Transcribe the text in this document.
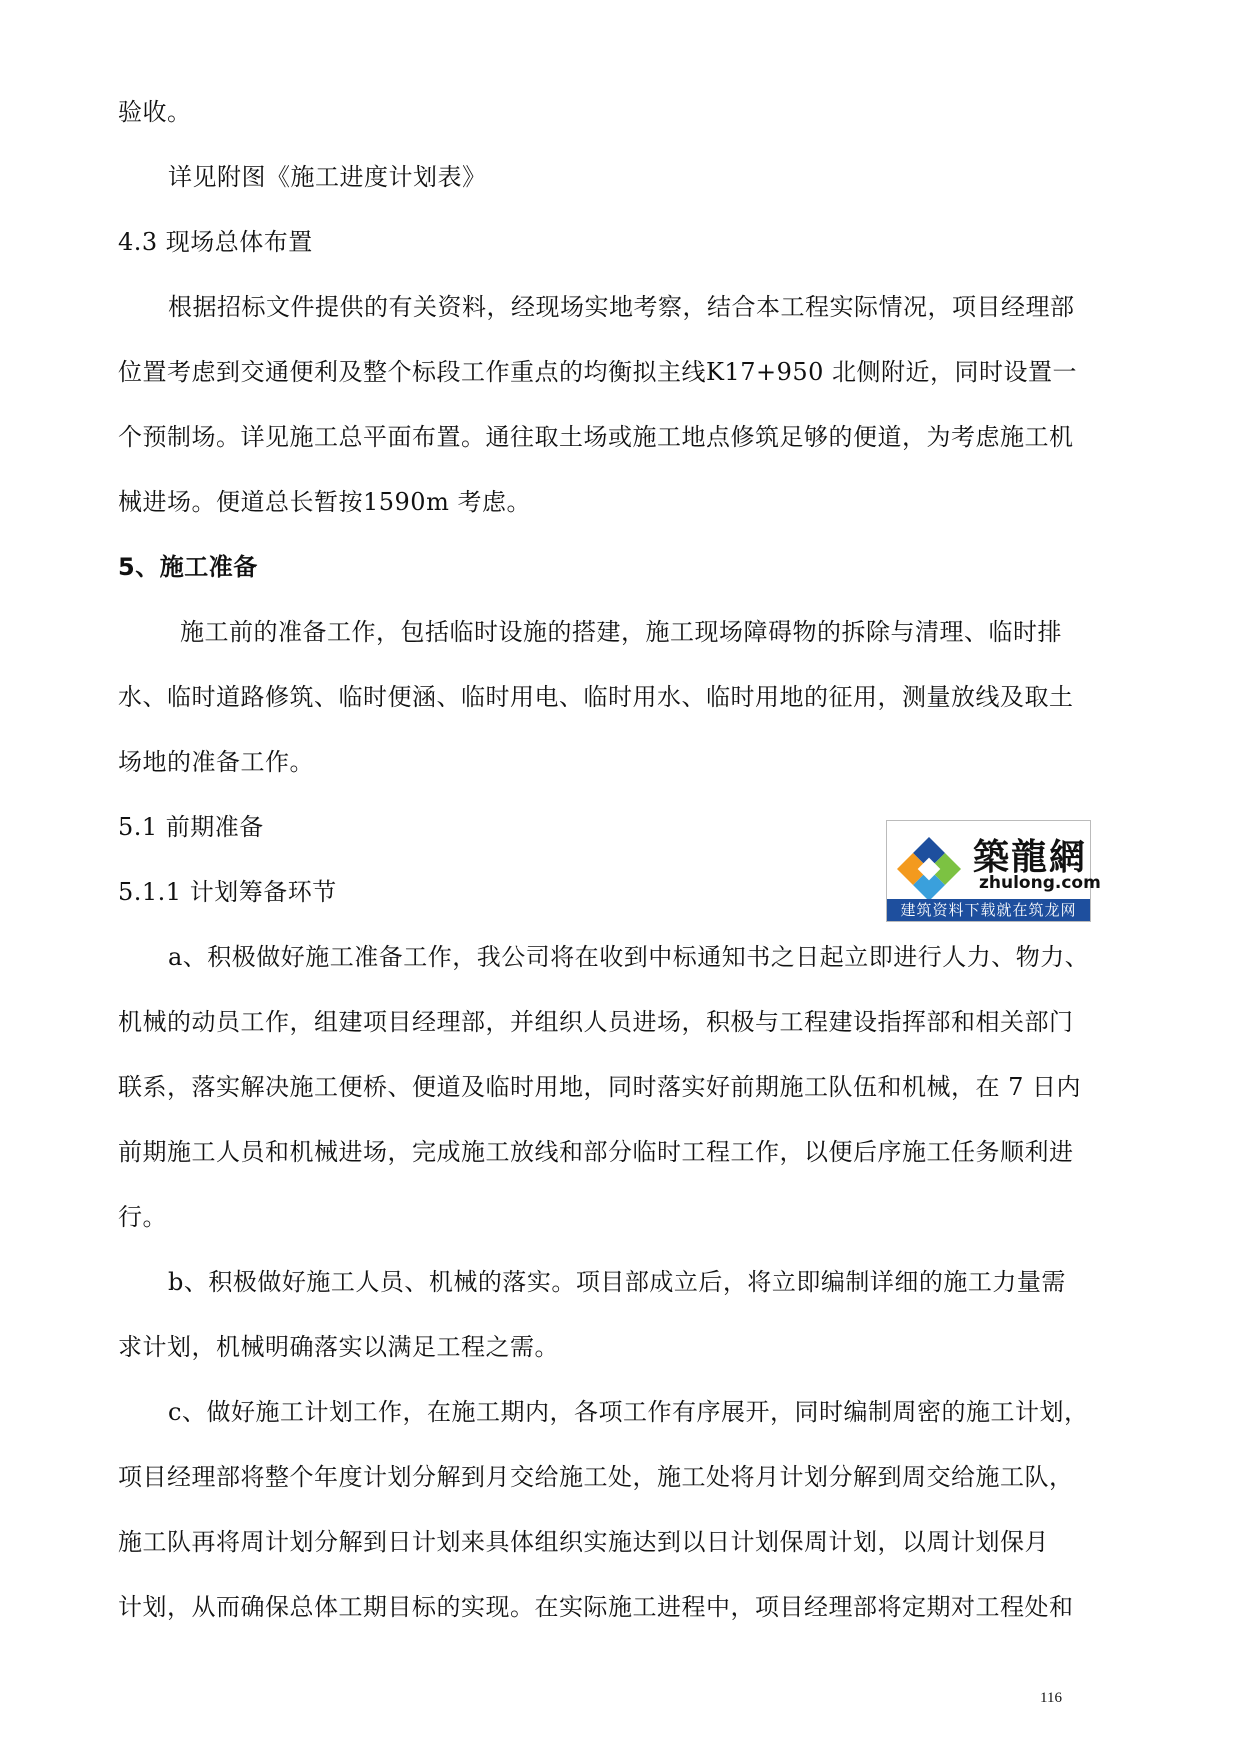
验收。
详见附图《施工进度计划表》
4.3 现场总体布置
根据招标文件提供的有关资料，经现场实地考察，结合本工程实际情况，项目经理部
位置考虑到交通便利及整个标段工作重点的均衡拟主线K17+950 北侧附近，同时设置一
个预制场。详见施工总平面布置。通往取土场或施工地点修筑足够的便道，为考虑施工机
械进场。便道总长暂按1590m 考虑。
5、施工准备
施工前的准备工作，包括临时设施的搭建，施工现场障碍物的拆除与清理、临时排
水、临时道路修筑、临时便涵、临时用电、临时用水、临时用地的征用，测量放线及取土
场地的准备工作。
5.1 前期准备
5.1.1 计划筹备环节
a、积极做好施工准备工作，我公司将在收到中标通知书之日起立即进行人力、物力、
机械的动员工作，组建项目经理部，并组织人员进场，积极与工程建设指挥部和相关部门
联系，落实解决施工便桥、便道及临时用地，同时落实好前期施工队伍和机械，在 7 日内
前期施工人员和机械进场，完成施工放线和部分临时工程工作，以便后序施工任务顺利进
行。
b、积极做好施工人员、机械的落实。项目部成立后，将立即编制详细的施工力量需
求计划，机械明确落实以满足工程之需。
c、做好施工计划工作，在施工期内，各项工作有序展开，同时编制周密的施工计划，
项目经理部将整个年度计划分解到月交给施工处，施工处将月计划分解到周交给施工队，
施工队再将周计划分解到日计划来具体组织实施达到以日计划保周计划，以周计划保月
计划，从而确保总体工期目标的实现。在实际施工进程中，项目经理部将定期对工程处和
116
築龍網
zhulong.com
建筑资料下载就在筑龙网
